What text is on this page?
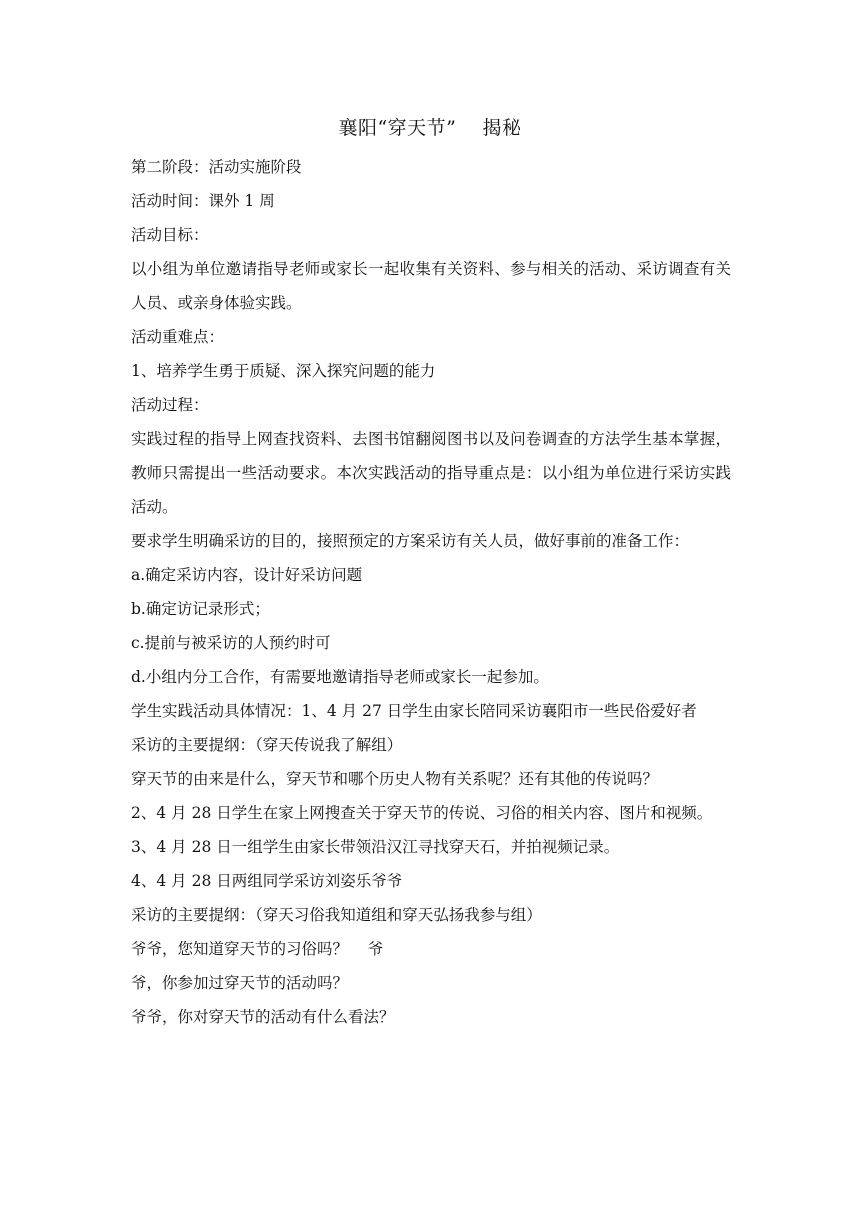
襄阳“穿天节”    揭秘

第二阶段：活动实施阶段

活动时间：课外 1 周

活动目标：

以小组为单位邀请指导老师或家长一起收集有关资料、参与相关的活动、采访调查有关人员、或亲身体验实践。

活动重难点：

1、培养学生勇于质疑、深入探究问题的能力

活动过程：

实践过程的指导上网查找资料、去图书馆翻阅图书以及问卷调查的方法学生基本掌握，教师只需提出一些活动要求。本次实践活动的指导重点是：以小组为单位进行采访实践活动。

要求学生明确采访的目的，接照预定的方案采访有关人员，做好事前的准备工作：

a.确定采访内容，设计好采访问题

b.确定访记录形式；

c.提前与被采访的人预约时可

d.小组内分工合作，有需要地邀请指导老师或家长一起参加。

学生实践活动具体情况：1、4 月 27 日学生由家长陪同采访襄阳市一些民俗爱好者

采访的主要提纲：（穿天传说我了解组）

穿天节的由来是什么，穿天节和哪个历史人物有关系呢？还有其他的传说吗？

2、4 月 28 日学生在家上网搜查关于穿天节的传说、习俗的相关内容、图片和视频。

3、4 月 28 日一组学生由家长带领沿汉江寻找穿天石，并拍视频记录。

4、4 月 28 日两组同学采访刘姿乐爷爷

采访的主要提纲：（穿天习俗我知道组和穿天弘扬我参与组）

爷爷，您知道穿天节的习俗吗？    爷

爷，你参加过穿天节的活动吗？

爷爷，你对穿天节的活动有什么看法？
